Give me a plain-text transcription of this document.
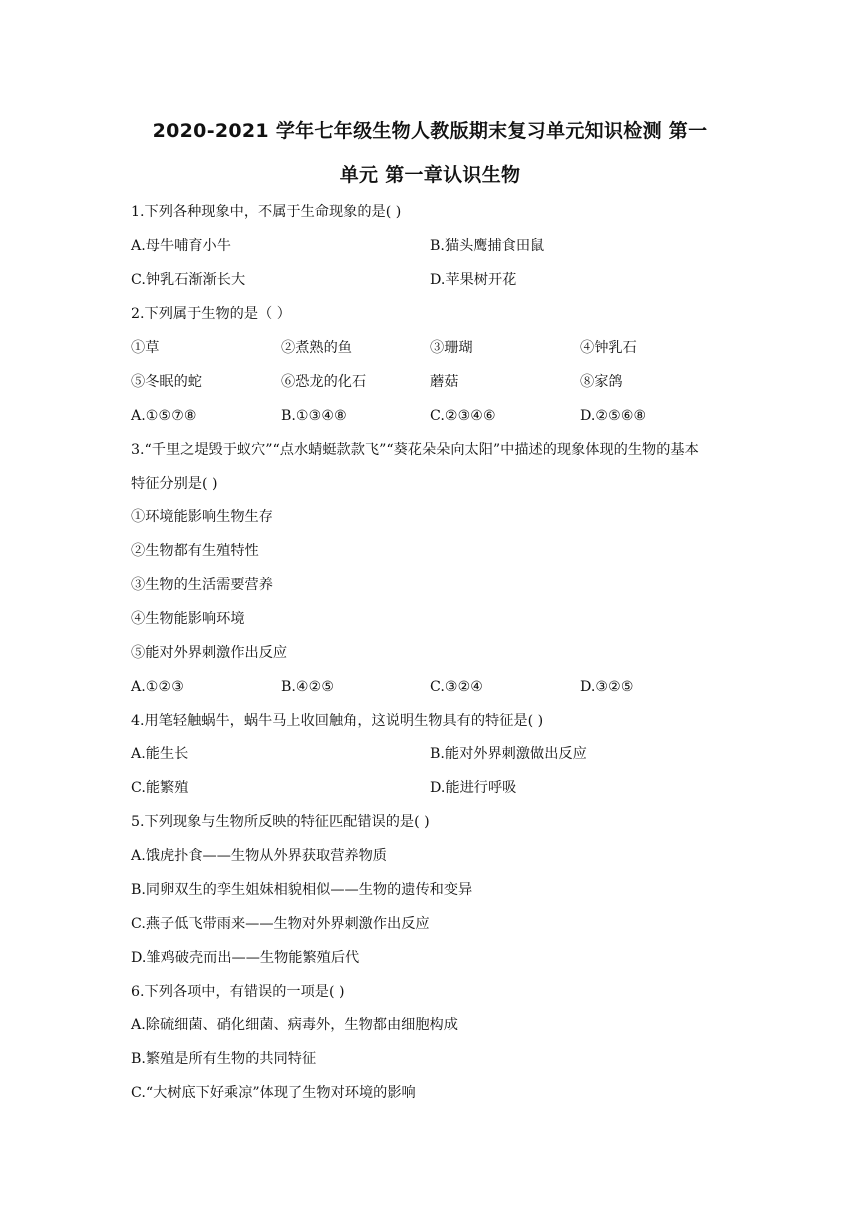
2020-2021 学年七年级生物人教版期末复习单元知识检测 第一
单元 第一章认识生物
1.下列各种现象中，不属于生命现象的是( )
A.母牛哺育小牛	B.猫头鹰捕食田鼠
C.钟乳石渐渐长大	D.苹果树开花
2.下列属于生物的是（ ）
①草	②煮熟的鱼	③珊瑚	④钟乳石
⑤冬眠的蛇	⑥恐龙的化石	蘑菇	⑧家鸽
A.①⑤⑦⑧	B.①③④⑧	C.②③④⑥	D.②⑤⑥⑧
3.“千里之堤毁于蚁穴”“点水蜻蜓款款飞”“葵花朵朵向太阳”中描述的现象体现的生物的基本
特征分别是( )
①环境能影响生物生存
②生物都有生殖特性
③生物的生活需要营养
④生物能影响环境
⑤能对外界刺激作出反应
A.①②③	B.④②⑤	C.③②④	D.③②⑤
4.用笔轻触蜗牛，蜗牛马上收回触角，这说明生物具有的特征是( )
A.能生长	B.能对外界刺激做出反应
C.能繁殖	D.能进行呼吸
5.下列现象与生物所反映的特征匹配错误的是( )
A.饿虎扑食——生物从外界获取营养物质
B.同卵双生的孪生姐妹相貌相似——生物的遗传和变异
C.燕子低飞带雨来——生物对外界刺激作出反应
D.雏鸡破壳而出——生物能繁殖后代
6.下列各项中，有错误的一项是( )
A.除硫细菌、硝化细菌、病毒外，生物都由细胞构成
B.繁殖是所有生物的共同特征
C.“大树底下好乘凉”体现了生物对环境的影响
